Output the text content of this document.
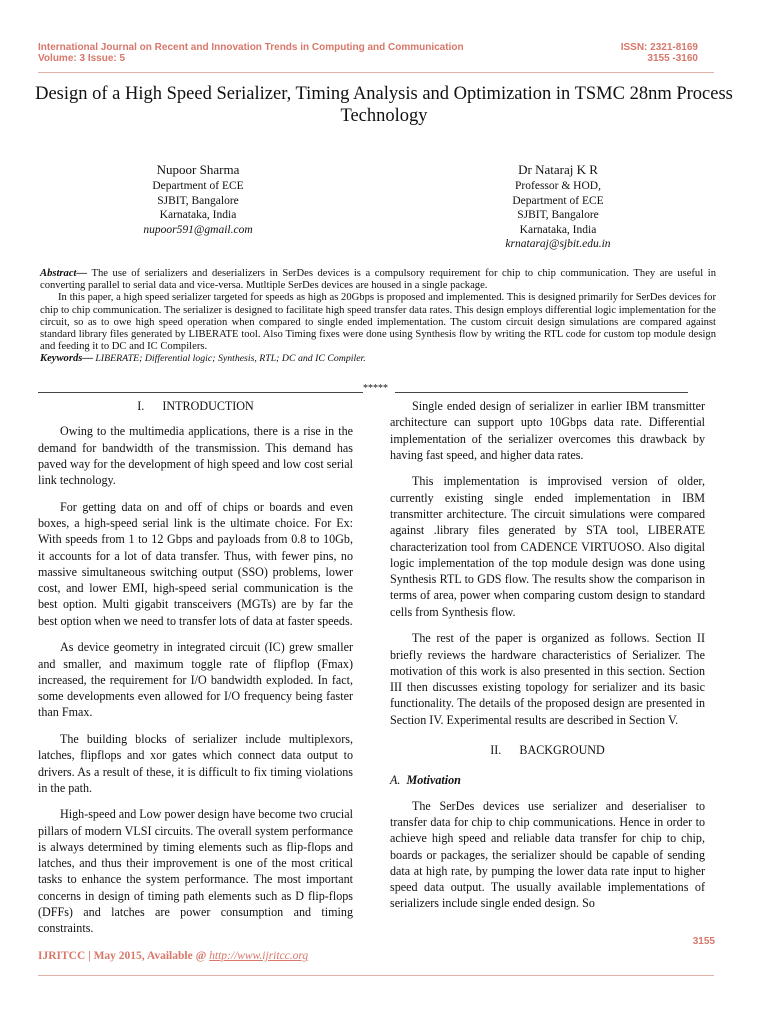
International Journal on Recent and Innovation Trends in Computing and Communication
Volume: 3 Issue: 5
ISSN: 2321-8169
3155 -3160
Design of a High Speed Serializer, Timing Analysis and Optimization in TSMC 28nm Process Technology
Nupoor Sharma
Department of ECE
SJBIT, Bangalore
Karnataka, India
nupoor591@gmail.com
Dr Nataraj K R
Professor & HOD,
Department of ECE
SJBIT, Bangalore
Karnataka, India
krnataraj@sjbit.edu.in

Abstract— The use of serializers and deserializers in SerDes devices is a compulsory requirement for chip to chip communication. They are useful in converting parallel to serial data and vice-versa. Mutltiple SerDes devices are housed in a single package.

In this paper, a high speed serializer targeted for speeds as high as 20Gbps is proposed and implemented. This is designed primarily for SerDes devices for chip to chip communication. The serializer is designed to facilitate high speed transfer data rates. This design employs differential logic implementation for the circuit, so as to owe high speed operation when compared to single ended implementation. The custom circuit design simulations are compared against standard library files generated by LIBERATE tool. Also Timing fixes were done using Synthesis flow by writing the RTL code for custom top module design and feeding it to DC and IC Compilers.

Keywords— LIBERATE; Differential logic; Synthesis, RTL; DC and IC Compiler.

*****

I.      INTRODUCTION

Owing to the multimedia applications, there is a rise in the demand for bandwidth of the transmission. This demand has paved way for the development of high speed and low cost serial link technology.

For getting data on and off of chips or boards and even boxes, a high-speed serial link is the ultimate choice. For Ex: With speeds from 1 to 12 Gbps and payloads from 0.8 to 10Gb, it accounts for a lot of data transfer. Thus, with fewer pins, no massive simultaneous switching output (SSO) problems, lower cost, and lower EMI, high-speed serial communication is the best option. Multi gigabit transceivers (MGTs) are by far the best option when we need to transfer lots of data at faster speeds.

As device geometry in integrated circuit (IC) grew smaller and smaller, and maximum toggle rate of flipflop (Fmax) increased, the requirement for I/O bandwidth exploded. In fact, some developments even allowed for I/O frequency being faster than Fmax.

The building blocks of serializer include multiplexors, latches, flipflops and xor gates which connect data output to drivers. As a result of these, it is difficult to fix timing violations in the path.

High-speed and Low power design have become two crucial pillars of modern VLSI circuits. The overall system performance is always determined by timing elements such as flip-flops and latches, and thus their improvement is one of the most critical tasks to enhance the system performance. The most important concerns in design of timing path elements such as D flip-flops (DFFs) and latches are power consumption and timing constraints.

Single ended design of serializer in earlier IBM transmitter architecture can support upto 10Gbps data rate. Differential implementation of the serializer overcomes this drawback by having fast speed, and higher data rates.

This implementation is improvised version of older, currently existing single ended implementation in IBM transmitter architecture. The circuit simulations were compared against .library files generated by STA tool, LIBERATE characterization tool from CADENCE VIRTUOSO. Also digital logic implementation of the top module design was done using Synthesis RTL to GDS flow. The results show the comparison in terms of area, power when comparing custom design to standard cells from Synthesis flow.

The rest of the paper is organized as follows. Section II briefly reviews the hardware characteristics of Serializer. The motivation of this work is also presented in this section. Section III then discusses existing topology for serializer and its basic functionality. The details of the proposed design are presented in Section IV. Experimental results are described in Section V.

II.      BACKGROUND

A. Motivation

The SerDes devices use serializer and deserialiser to transfer data for chip to chip communications. Hence in order to achieve high speed and reliable data transfer for chip to chip, boards or packages, the serializer should be capable of sending data at high rate, by pumping the lower data rate input to higher speed data output. The usually available implementations of serializers include single ended design. So

3155
IJRITCC | May 2015, Available @ http://www.ijritcc.org
